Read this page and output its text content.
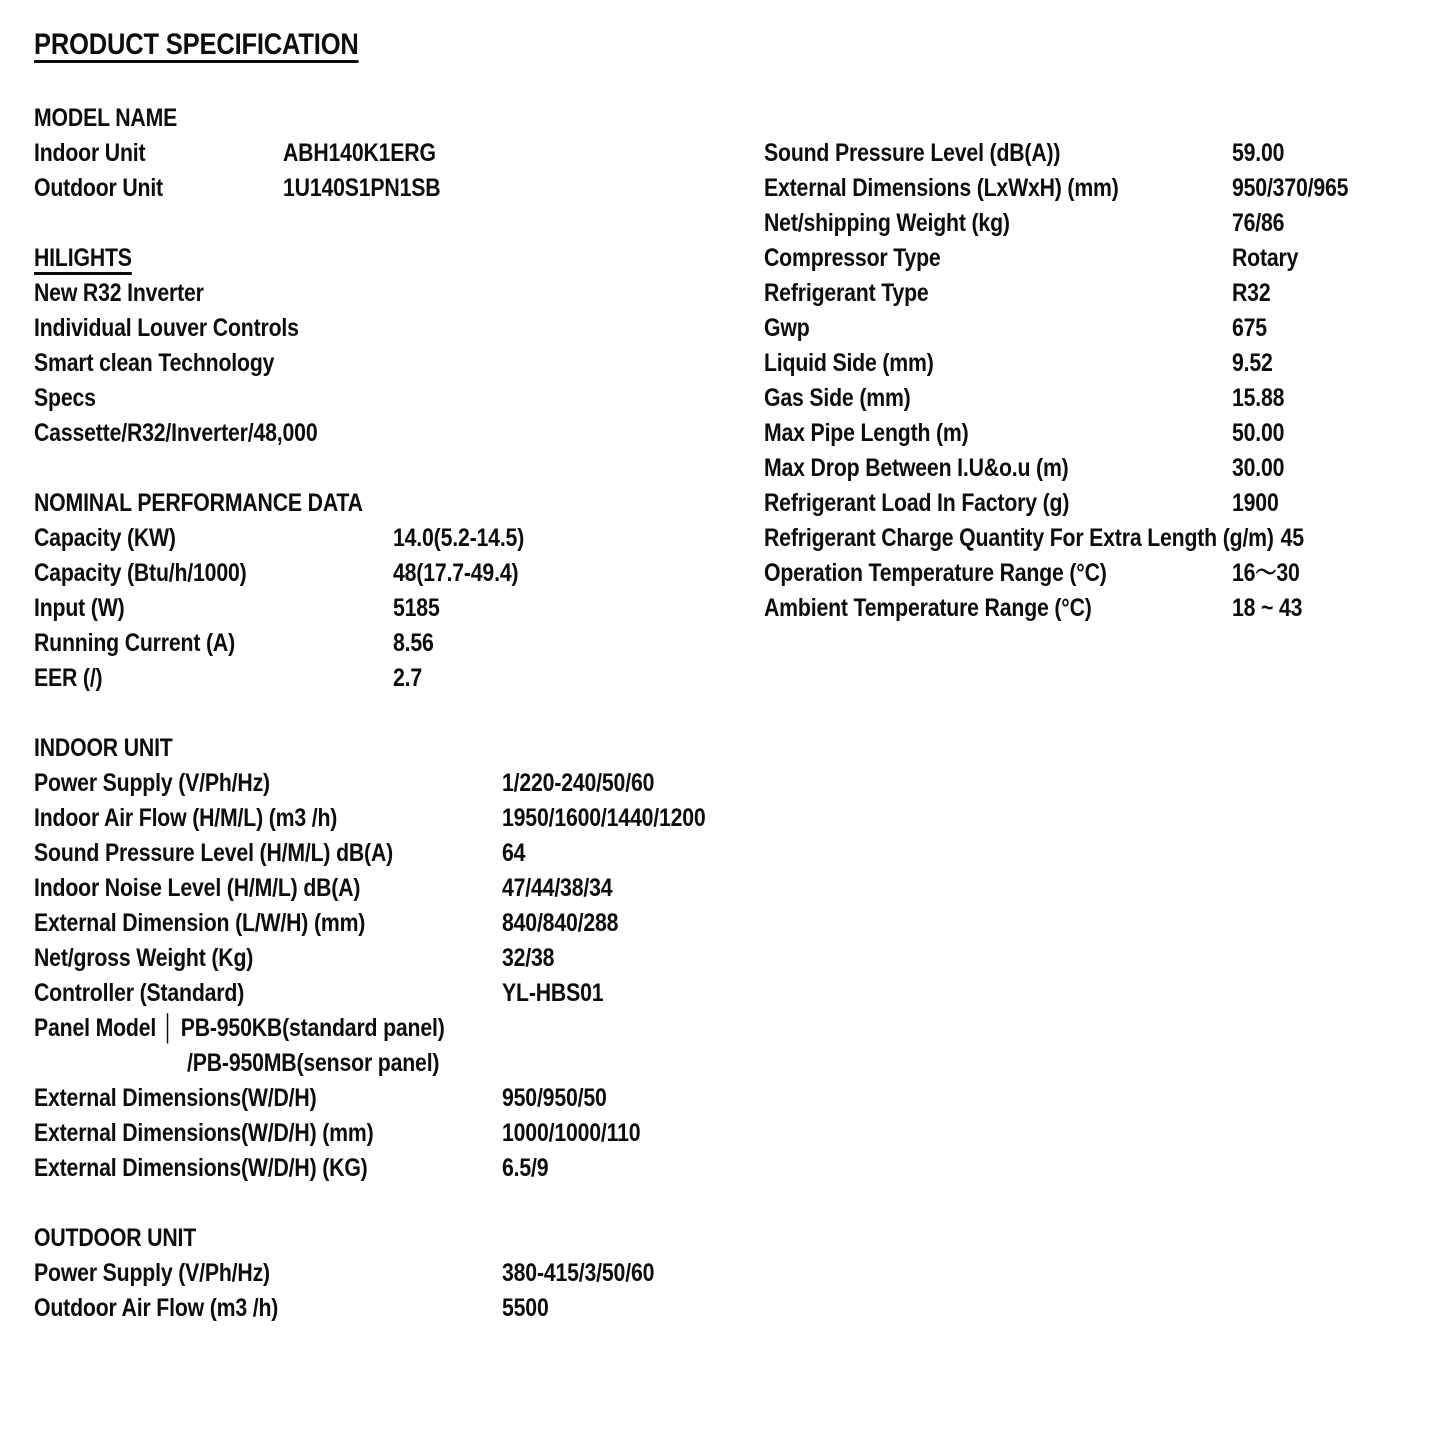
PRODUCT SPECIFICATION
MODEL NAME
Indoor Unit	ABH140K1ERG
Outdoor Unit	1U140S1PN1SB
HILIGHTS
New R32 Inverter
Individual Louver Controls
Smart clean Technology
Specs
Cassette/R32/Inverter/48,000
NOMINAL PERFORMANCE DATA
Capacity (KW)	14.0(5.2-14.5)
Capacity (Btu/h/1000)	48(17.7-49.4)
Input (W)	5185
Running Current (A)	8.56
EER (/)	2.7
INDOOR UNIT
Power Supply (V/Ph/Hz)	1/220-240/50/60
Indoor Air Flow (H/M/L) (m3 /h)	1950/1600/1440/1200
Sound Pressure Level (H/M/L) dB(A)	64
Indoor Noise Level (H/M/L) dB(A)	47/44/38/34
External Dimension (L/W/H) (mm)	840/840/288
Net/gross Weight (Kg)	32/38
Controller (Standard)	YL-HBS01
Panel Model │ PB-950KB(standard panel)
/PB-950MB(sensor panel)
External Dimensions(W/D/H)	950/950/50
External Dimensions(W/D/H) (mm)	1000/1000/110
External Dimensions(W/D/H) (KG)	6.5/9
OUTDOOR UNIT
Power Supply (V/Ph/Hz)	380-415/3/50/60
Outdoor Air Flow (m3 /h)	5500
Sound Pressure Level (dB(A))	59.00
External Dimensions (LxWxH) (mm)	950/370/965
Net/shipping Weight (kg)	76/86
Compressor Type	Rotary
Refrigerant Type	R32
Gwp	675
Liquid Side (mm)	9.52
Gas Side (mm)	15.88
Max Pipe Length (m)	50.00
Max Drop Between I.U&o.u (m)	30.00
Refrigerant Load In Factory (g)	1900
Refrigerant Charge Quantity For Extra Length (g/m) 45
Operation Temperature Range (°C)	16〜30
Ambient Temperature Range (°C)	18 ~ 43
